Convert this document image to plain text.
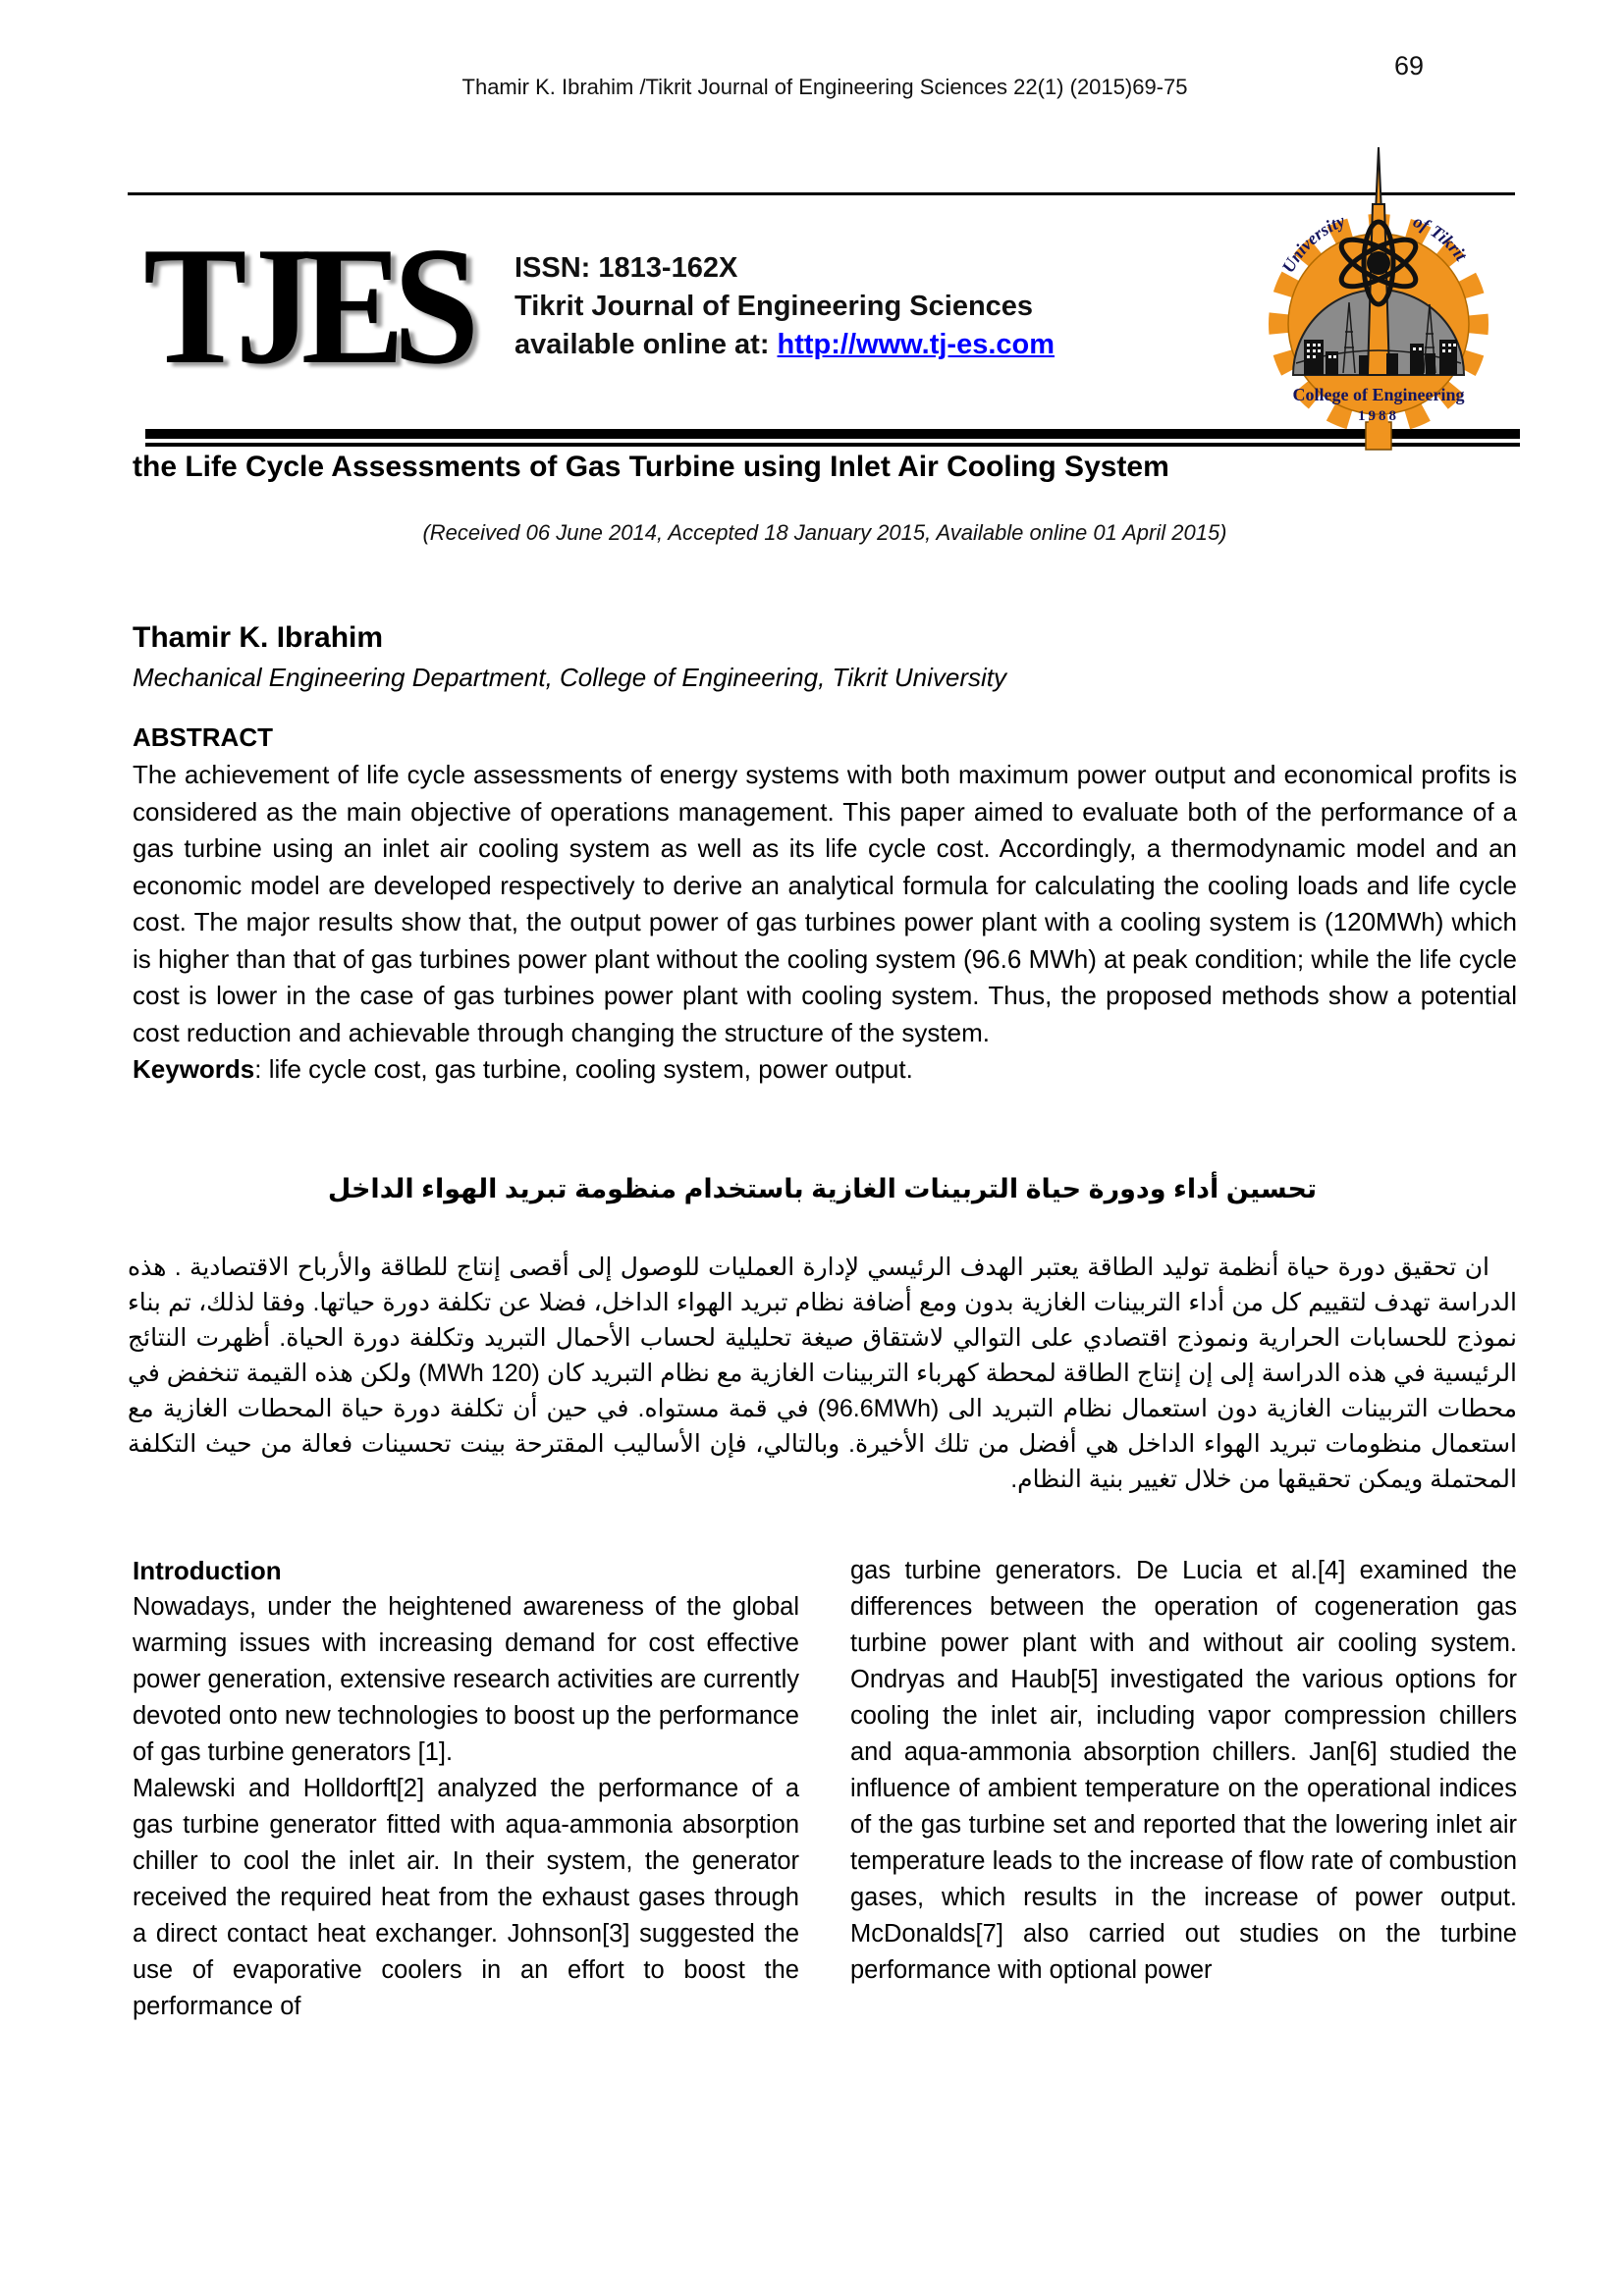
Thamir K. Ibrahim /Tikrit Journal of Engineering Sciences 22(1) (2015)69-75
69
TJES ISSN: 1813-162X
Tikrit Journal of Engineering Sciences
available online at: http://www.tj-es.com
University	of Tikrit
College of Engineering
1988
the Life Cycle Assessments of Gas Turbine using Inlet Air Cooling System
(Received 06 June 2014, Accepted 18 January 2015, Available online 01 April 2015)
Thamir K. Ibrahim
Mechanical Engineering Department, College of Engineering, Tikrit University
ABSTRACT

The achievement of life cycle assessments of energy systems with both maximum power output and economical profits is considered as the main objective of operations management. This paper aimed to evaluate both of the performance of a gas turbine using an inlet air cooling system as well as its life cycle cost. Accordingly, a thermodynamic model and an economic model are developed respectively to derive an analytical formula for calculating the cooling loads and life cycle cost. The major results show that, the output power of gas turbines power plant with a cooling system is (120MWh) which is higher than that of gas turbines power plant without the cooling system (96.6 MWh) at peak condition; while the life cycle cost is lower in the case of gas turbines power plant with cooling system. Thus, the proposed methods show a potential cost reduction and achievable through changing the structure of the system.

Keywords: life cycle cost, gas turbine, cooling system, power output.

تحسين أداء ودورة حياة التربينات الغازية باستخدام منظومة تبريد الهواء الداخل

ان تحقيق دورة حياة أنظمة توليد الطاقة يعتبر الهدف الرئيسي لإدارة العمليات للوصول إلى أقصى إنتاج للطاقة والأرباح الاقتصادية . هذه الدراسة تهدف لتقييم كل من أداء التربينات الغازية بدون ومع أضافة نظام تبريد الهواء الداخل، فضلا عن تكلفة دورة حياتها. وفقا لذلك، تم بناء نموذج للحسابات الحرارية ونموذج اقتصادي على التوالي لاشتقاق صيغة تحليلية لحساب الأحمال التبريد وتكلفة دورة الحياة. أظهرت النتائج الرئيسية في هذه الدراسة إلى إن إنتاج الطاقة لمحطة كهرباء التربينات الغازية مع نظام التبريد كان (120 MWh) ولكن هذه القيمة تنخفض في محطات التربينات الغازية دون استعمال نظام التبريد الى (96.6MWh) في قمة مستواه. في حين أن تكلفة دورة حياة المحطات الغازية مع استعمال منظومات تبريد الهواء الداخل هي أفضل من تلك الأخيرة. وبالتالي، فإن الأساليب المقترحة بينت تحسينات فعالة من حيث التكلفة المحتملة ويمكن تحقيقها من خلال تغيير بنية النظام.

Introduction

Nowadays, under the heightened awareness of the global warming issues with increasing demand for cost effective power generation, extensive research activities are currently devoted onto new technologies to boost up the performance of gas turbine generators [1].

Malewski and Holldorft[2] analyzed the performance of a gas turbine generator fitted with aqua-ammonia absorption chiller to cool the inlet air. In their system, the generator received the required heat from the exhaust gases through a direct contact heat exchanger. Johnson[3] suggested the use of evaporative coolers in an effort to boost the performance of

gas turbine generators. De Lucia et al.[4] examined the differences between the operation of cogeneration gas turbine power plant with and without air cooling system. Ondryas and Haub[5] investigated the various options for cooling the inlet air, including vapor compression chillers and aqua-ammonia absorption chillers. Jan[6] studied the influence of ambient temperature on the operational indices of the gas turbine set and reported that the lowering inlet air temperature leads to the increase of flow rate of combustion gases, which results in the increase of power output. McDonalds[7] also carried out studies on the turbine performance with optional power
